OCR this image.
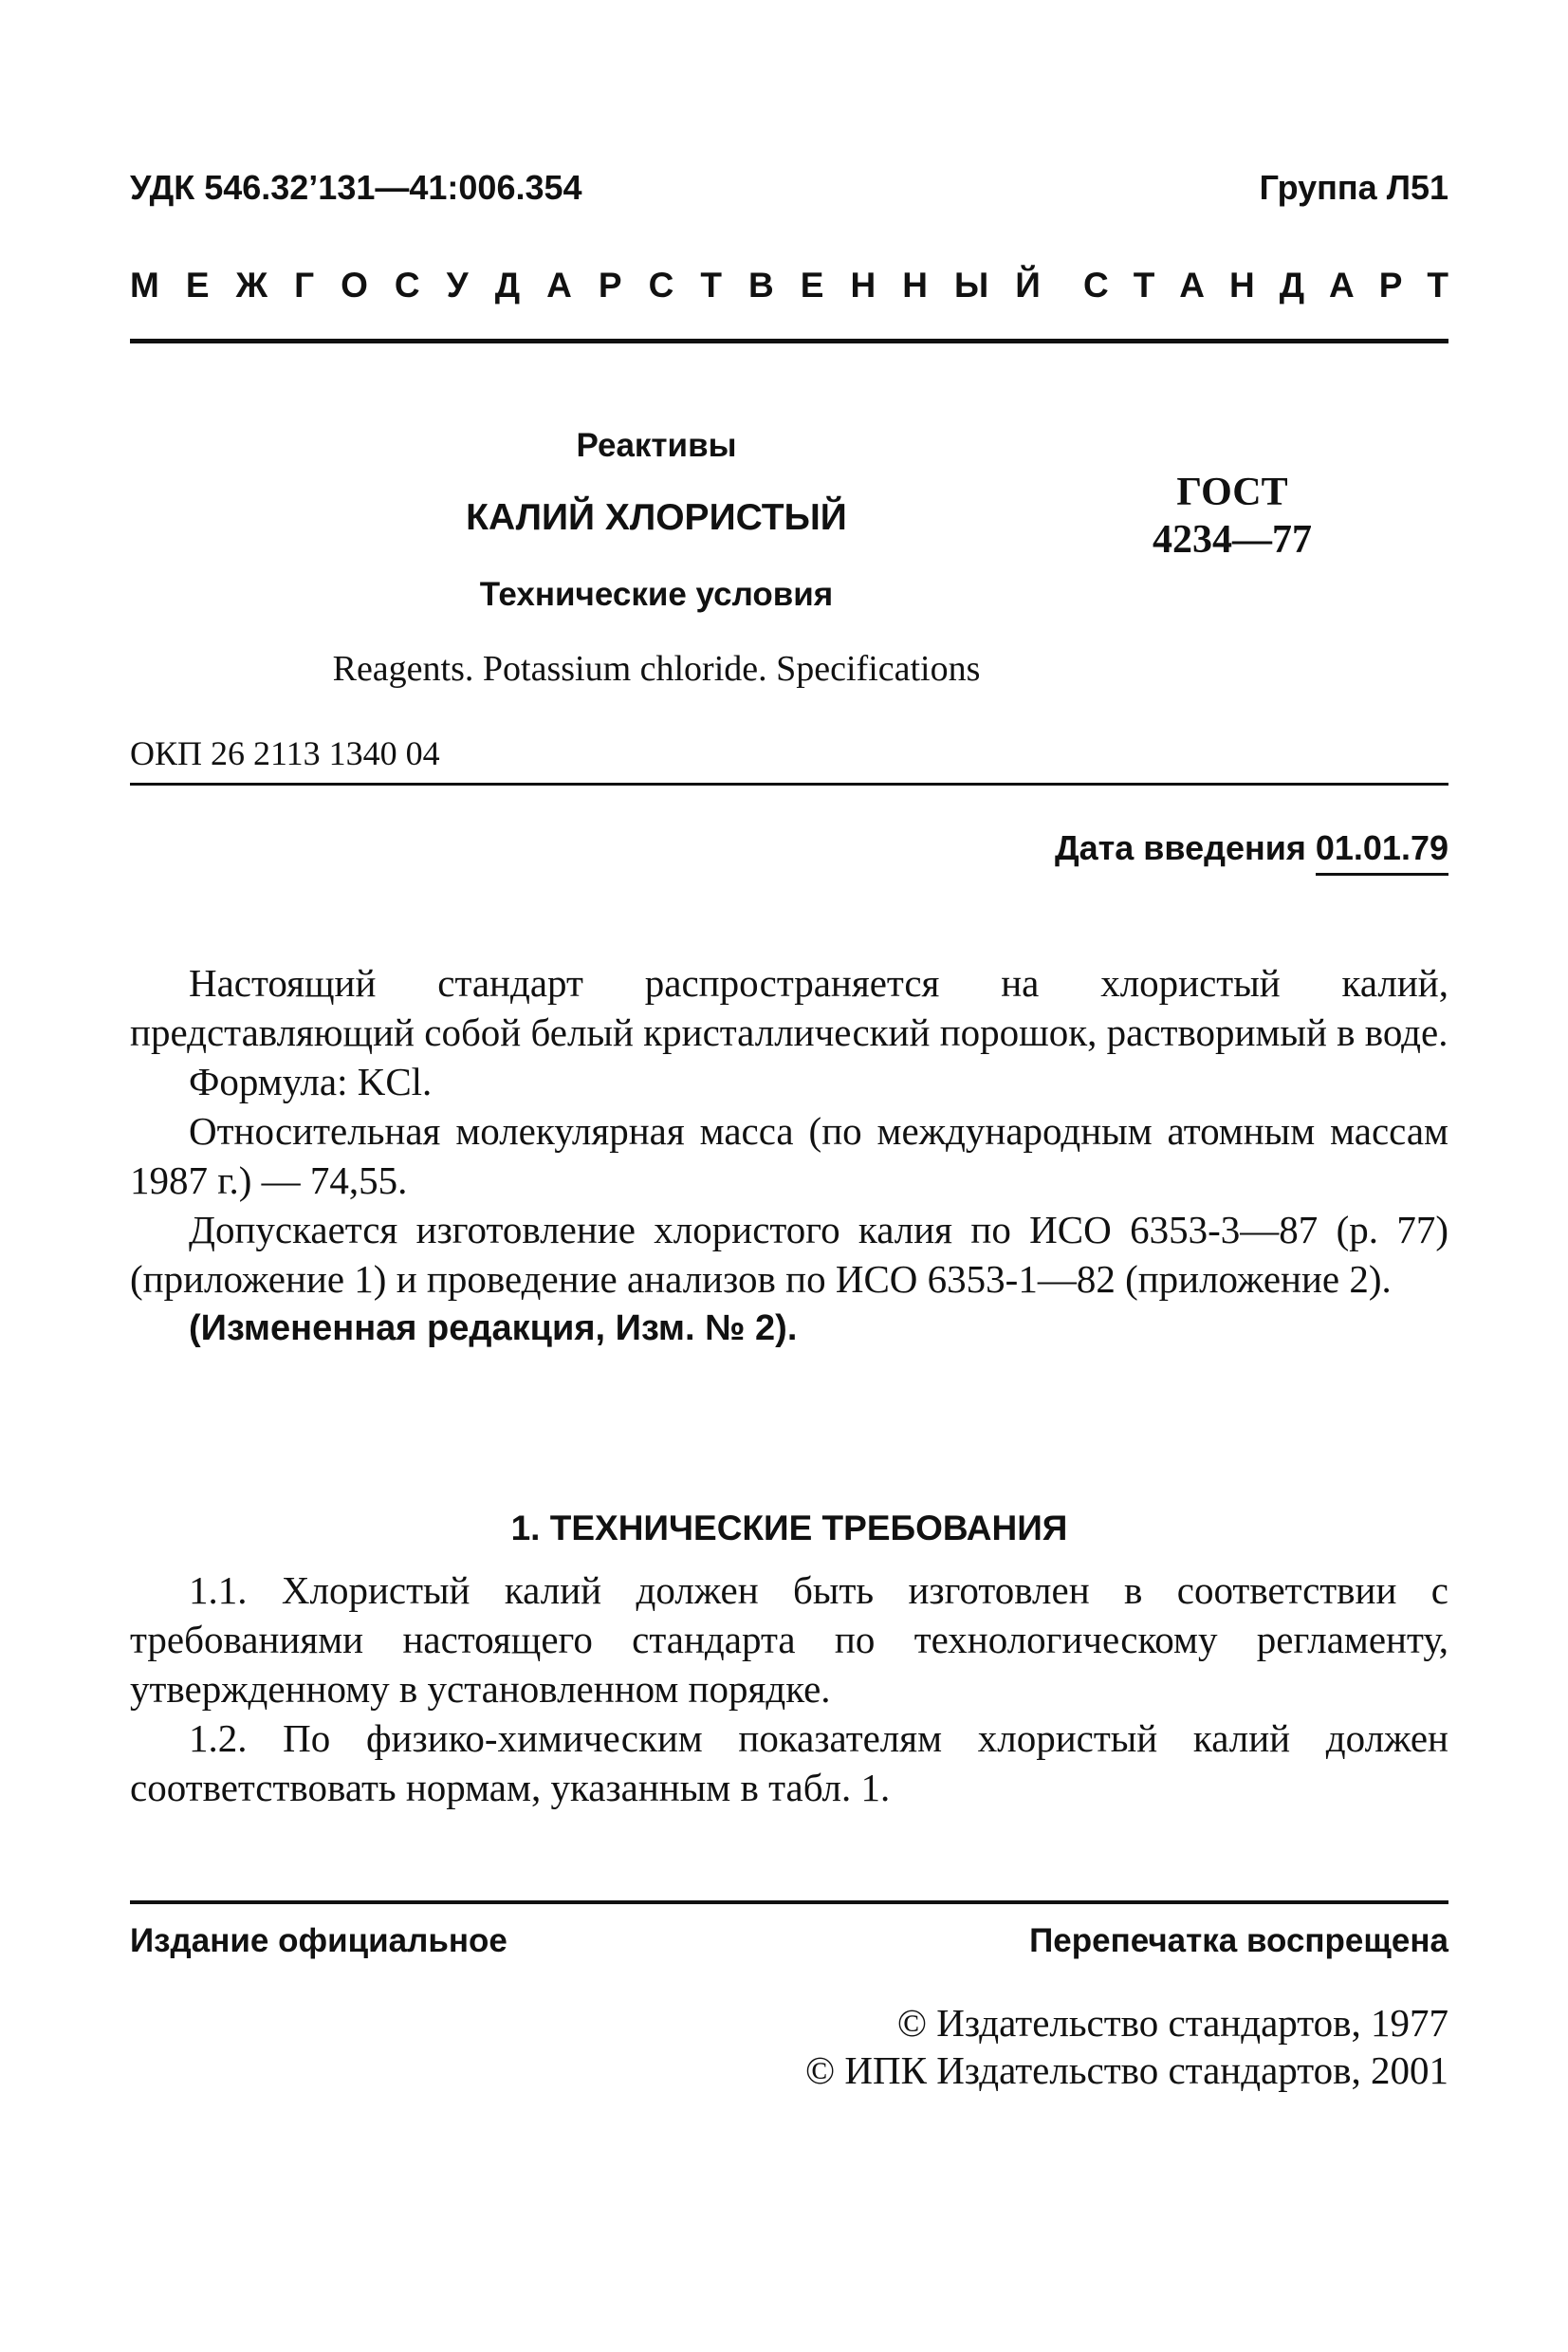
УДК 546.32’131—41:006.354	Группа Л51
М Е Ж Г О С У Д А Р С Т В Е Н Н Ы Й С Т А Н Д А Р Т
Реактивы
КАЛИЙ ХЛОРИСТЫЙ
Технические условия
Reagents. Potassium chloride. Specifications
ГОСТ
4234—77
ОКП 26 2113 1340 04
Дата введения 01.01.79

Настоящий стандарт распространяется на хлористый калий, представляющий собой белый кристаллический порошок, растворимый в воде.

Формула: KCl.

Относительная молекулярная масса (по международным атомным массам 1987 г.) — 74,55.

Допускается изготовление хлористого калия по ИСО 6353-3—87 (р. 77) (приложение 1) и проведение анализов по ИСО 6353-1—82 (приложение 2).

(Измененная редакция, Изм. № 2).

1. ТЕХНИЧЕСКИЕ ТРЕБОВАНИЯ

1.1. Хлористый калий должен быть изготовлен в соответствии с требованиями настоящего стандарта по технологическому регламенту, утвержденному в установленном порядке.

1.2. По физико-химическим показателям хлористый калий должен соответствовать нормам, указанным в табл. 1.

Издание официальное	Перепечатка воспрещена
© Издательство стандартов, 1977
© ИПК Издательство стандартов, 2001
